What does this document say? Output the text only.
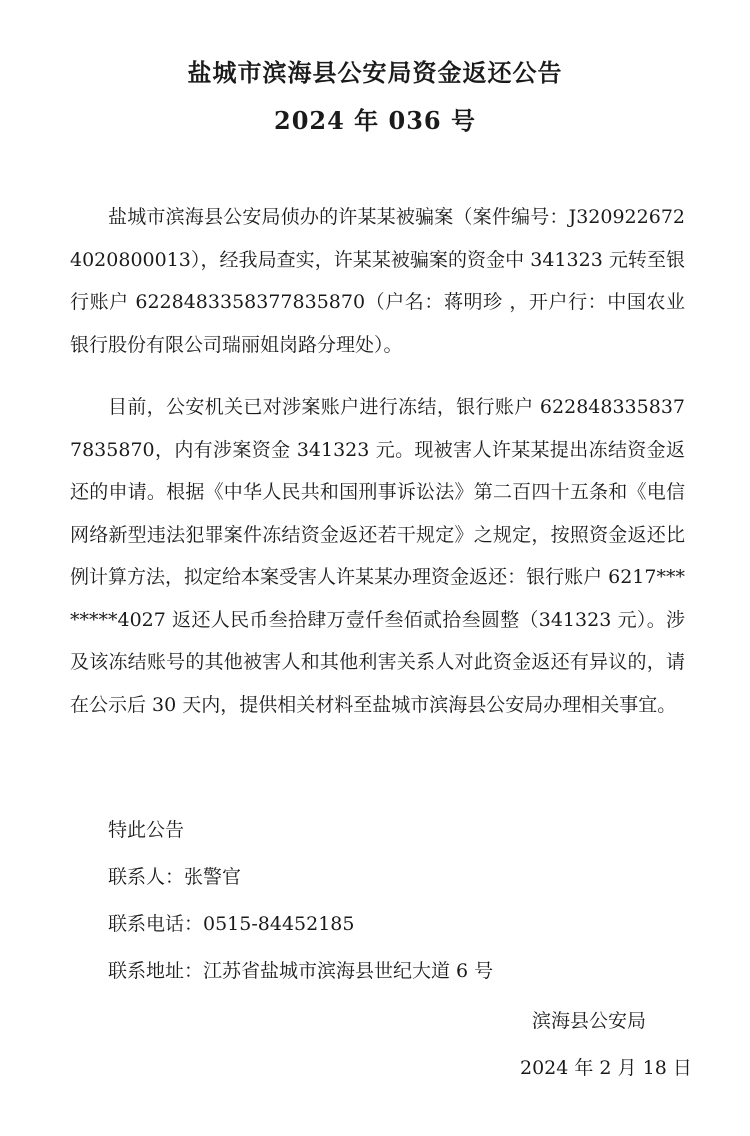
盐城市滨海县公安局资金返还公告
2024 年 036 号

盐城市滨海县公安局侦办的许某某被骗案（案件编号：J3209226724020800013），经我局查实，许某某被骗案的资金中 341323 元转至银行账户 6228483358377835870（户名：蒋明珍 ，开户行：中国农业银行股份有限公司瑞丽姐岗路分理处）。

目前，公安机关已对涉案账户进行冻结，银行账户 6228483358377835870，内有涉案资金 341323 元。现被害人许某某提出冻结资金返还的申请。根据《中华人民共和国刑事诉讼法》第二百四十五条和《电信网络新型违法犯罪案件冻结资金返还若干规定》之规定，按照资金返还比例计算方法，拟定给本案受害人许某某办理资金返还：银行账户 6217********4027 返还人民币叁拾肆万壹仟叁佰贰拾叁圆整（341323 元）。涉及该冻结账号的其他被害人和其他利害关系人对此资金返还有异议的，请在公示后 30 天内，提供相关材料至盐城市滨海县公安局办理相关事宜。

特此公告

联系人：张警官

联系电话：0515-84452185

联系地址：江苏省盐城市滨海县世纪大道 6 号

滨海县公安局

2024 年 2 月 18 日
